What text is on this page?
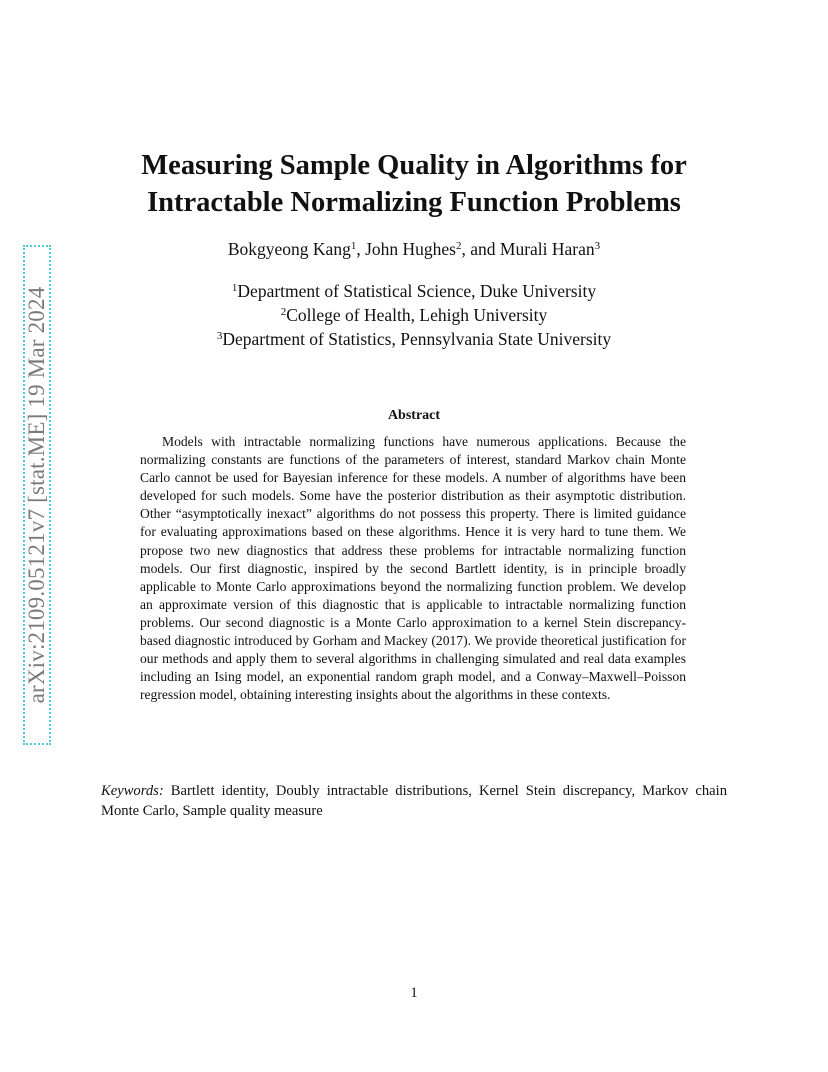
arXiv:2109.05121v7 [stat.ME] 19 Mar 2024
Measuring Sample Quality in Algorithms for
Intractable Normalizing Function Problems
Bokgyeong Kang$^1$, John Hughes$^2$, and Murali Haran$^3$
$^1$Department of Statistical Science, Duke University
$^2$College of Health, Lehigh University
$^3$Department of Statistics, Pennsylvania State University
Abstract
Models with intractable normalizing functions have numerous applications. Because the normalizing constants are functions of the parameters of interest, standard Markov chain Monte Carlo cannot be used for Bayesian inference for these models. A number of algorithms have been developed for such models. Some have the posterior distribution as their asymptotic distribution. Other “asymptotically inexact” algorithms do not possess this property. There is limited guidance for evaluating approximations based on these algorithms. Hence it is very hard to tune them. We propose two new diagnostics that address these problems for intractable normalizing function models. Our first diagnostic, inspired by the second Bartlett identity, is in principle broadly applicable to Monte Carlo approximations beyond the normalizing function problem. We develop an approximate version of this diagnostic that is applicable to intractable normalizing function problems. Our second diagnostic is a Monte Carlo approximation to a kernel Stein discrepancy-based diagnostic introduced by Gorham and Mackey (2017). We provide theoretical justification for our methods and apply them to several algorithms in challenging simulated and real data examples including an Ising model, an exponential random graph model, and a Conway–Maxwell–Poisson regression model, obtaining interesting insights about the algorithms in these contexts.
Keywords: Bartlett identity, Doubly intractable distributions, Kernel Stein discrepancy, Markov chain Monte Carlo, Sample quality measure
1
